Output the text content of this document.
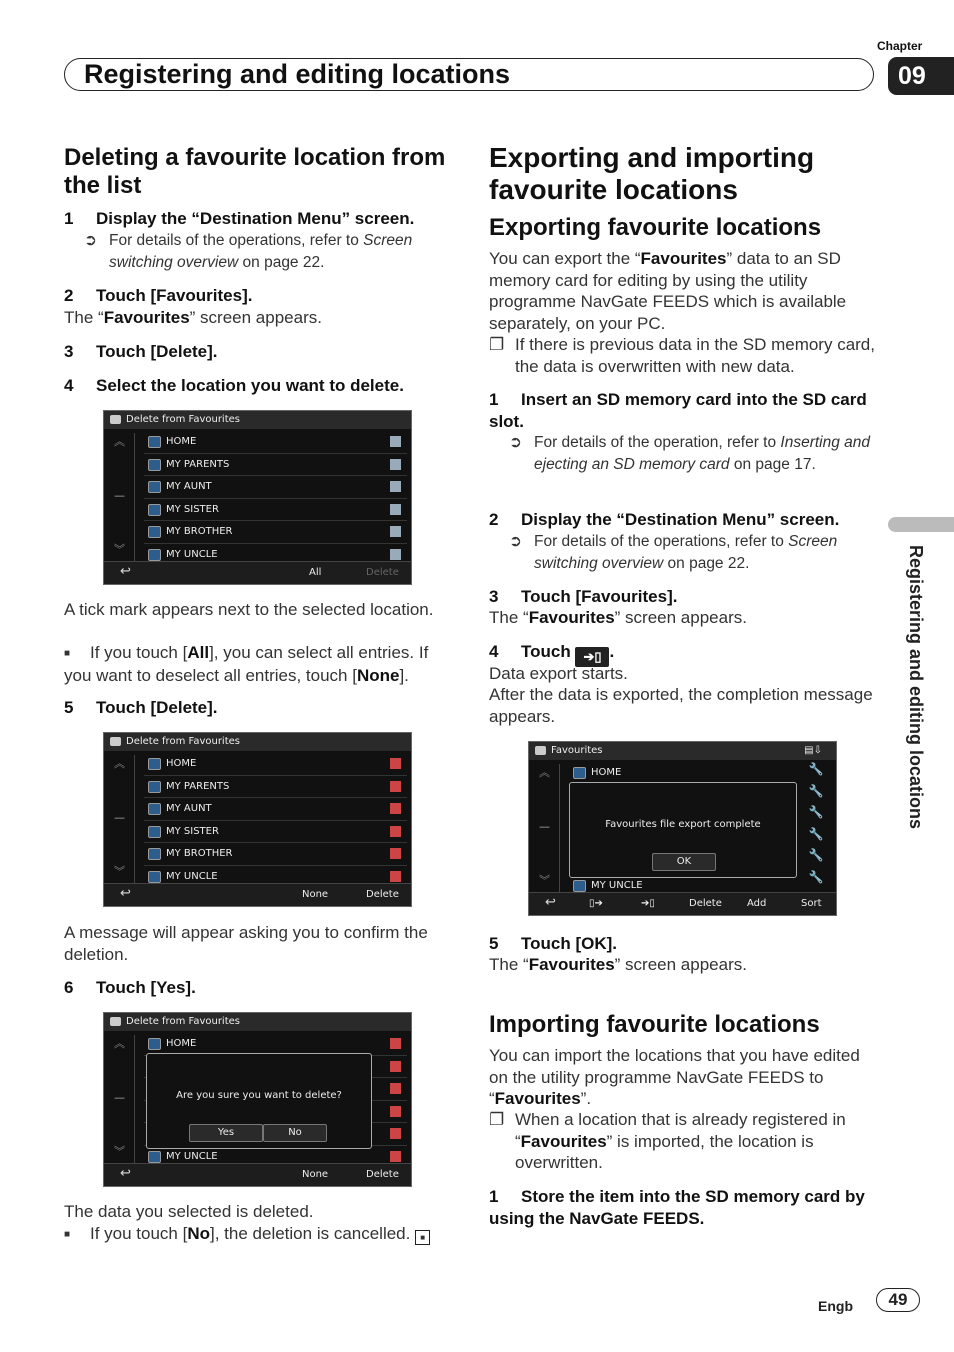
Registering and editing locations
Chapter
09
Registering and editing locations
Deleting a favourite location from the list
1 Display the “Destination Menu” screen.
➲ For details of the operations, refer to Screen switching overview on page 22.
2 Touch [Favourites].
The “Favourites” screen appears.
3 Touch [Delete].
4 Select the location you want to delete.
Delete from Favourites
︽
—
︾
HOME
MY PARENTS
MY AUNT
MY SISTER
MY BROTHER
MY UNCLE
↩	All	Delete
A tick mark appears next to the selected location.
■ If you touch [All], you can select all entries. If you want to deselect all entries, touch [None].
5 Touch [Delete].
Delete from Favourites
︽
—
︾
HOME
MY PARENTS
MY AUNT
MY SISTER
MY BROTHER
MY UNCLE
↩	None	Delete
A message will appear asking you to confirm the deletion.
6 Touch [Yes].
Delete from Favourites
︽
—
︾
HOME
MY UNCLE
Are you sure you want to delete?
Yes	No
↩	None	Delete
The data you selected is deleted.
■ If you touch [No], the deletion is cancelled. ■
Exporting and importing favourite locations
Exporting favourite locations
You can export the “Favourites” data to an SD memory card for editing by using the utility programme NavGate FEEDS which is available separately, on your PC.
❐ If there is previous data in the SD memory card, the data is overwritten with new data.
1 Insert an SD memory card into the SD card slot.
➲ For details of the operation, refer to Inserting and ejecting an SD memory card on page 17.
2 Display the “Destination Menu” screen.
➲ For details of the operations, refer to Screen switching overview on page 22.
3 Touch [Favourites].
The “Favourites” screen appears.
4 Touch ➔▯ .
Data export starts.
After the data is exported, the completion message appears.
Favourites	▤⇩
︽
—
︾
HOME
MY UNCLE
🔧
🔧
🔧
🔧
🔧
🔧
Favourites file export complete
OK
↩	▯➔	➔▯	Delete	Add	Sort
5 Touch [OK].
The “Favourites” screen appears.
Importing favourite locations
You can import the locations that you have edited on the utility programme NavGate FEEDS to “Favourites”.
❐ When a location that is already registered in “Favourites” is imported, the location is overwritten.
1 Store the item into the SD memory card by using the NavGate FEEDS.
Engb	49
